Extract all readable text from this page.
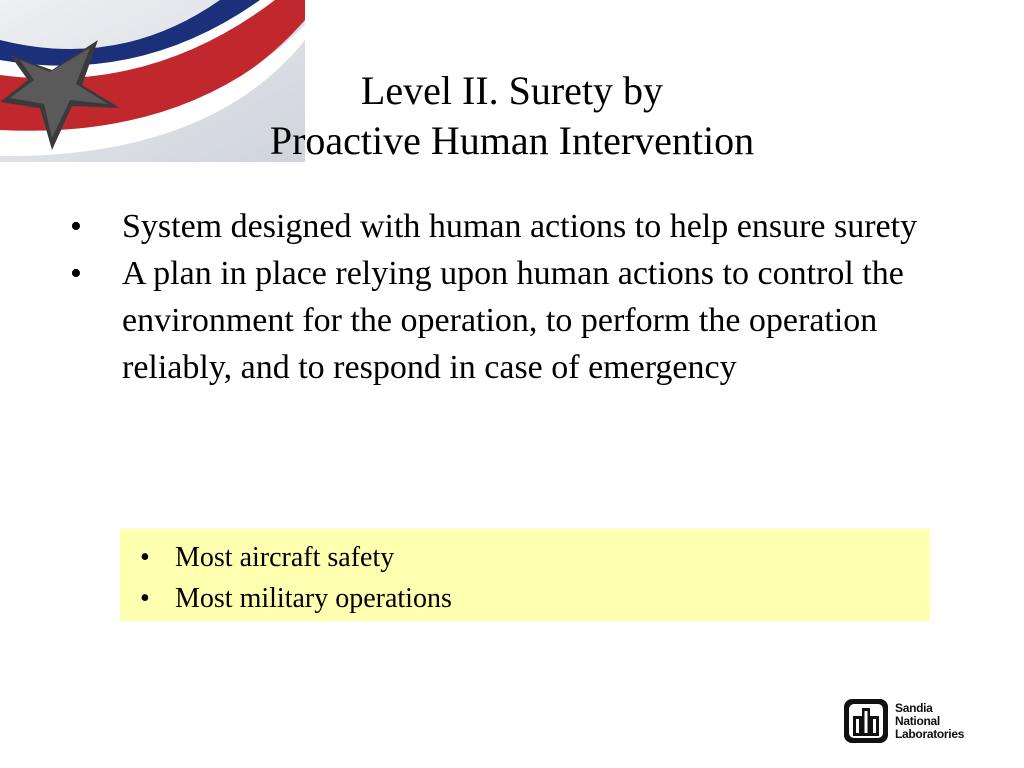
Level II. Surety by
Proactive Human Intervention
• System designed with human actions to help ensure surety
• A plan in place relying upon human actions to control the environment for the operation, to perform the operation reliably, and to respond in case of emergency
• Most aircraft safety
• Most military operations
Sandia
National
Laboratories
